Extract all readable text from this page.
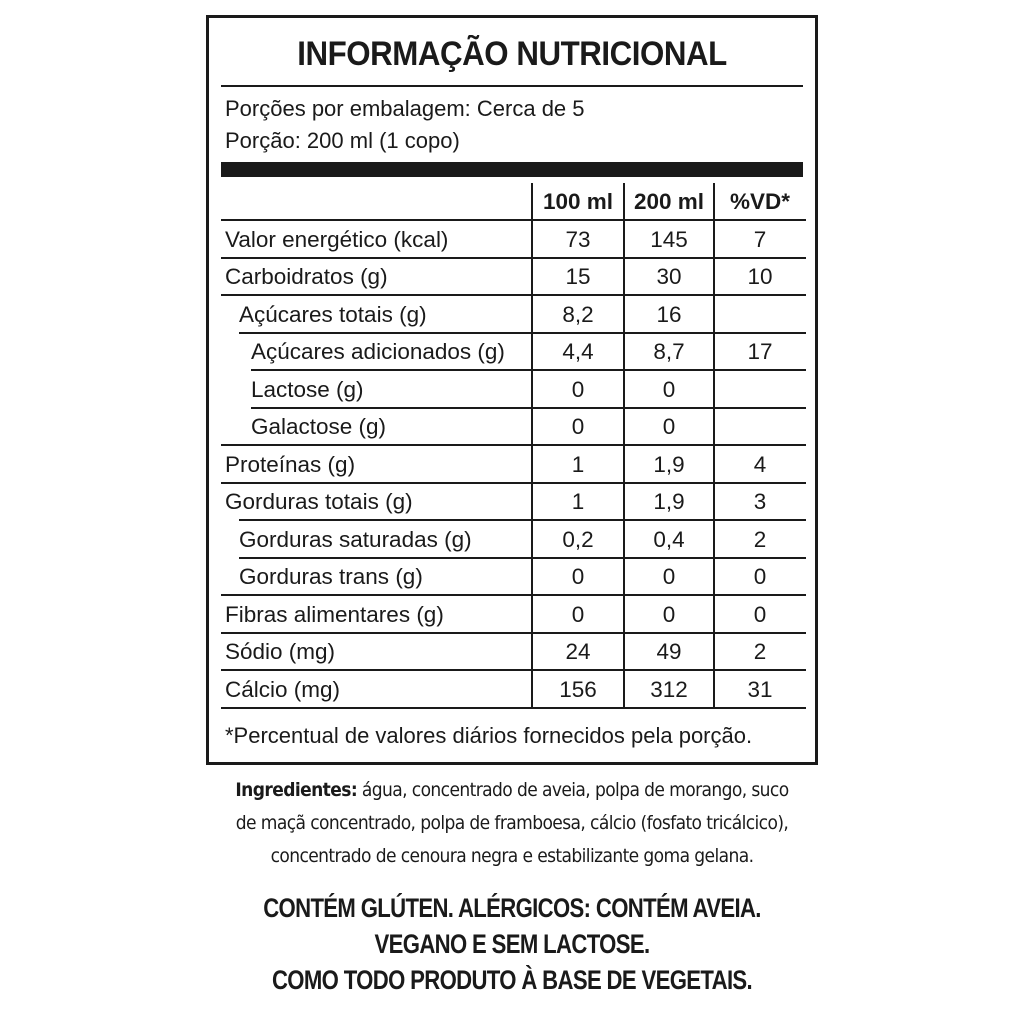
INFORMAÇÃO NUTRICIONAL
Porções por embalagem: Cerca de 5
Porção: 200 ml (1 copo)
100 ml 200 ml	%VD*
Valor energético (kcal)	73	145	7
Carboidratos (g)	15	30	10
Açúcares totais (g)	8,2	16
Açúcares adicionados (g)	4,4	8,7	17
Lactose (g)	0	0
Galactose (g)	0	0
Proteínas (g)	1	1,9	4
Gorduras totais (g)	1	1,9	3
Gorduras saturadas (g)	0,2	0,4	2
Gorduras trans (g)	0	0	0
Fibras alimentares (g)	0	0	0
Sódio (mg)	24	49	2
Cálcio (mg)	156	312	31
*Percentual de valores diários fornecidos pela porção.
Ingredientes: água, concentrado de aveia, polpa de morango, suco
de maçã concentrado, polpa de framboesa, cálcio (fosfato tricálcico),
concentrado de cenoura negra e estabilizante goma gelana.
CONTÉM GLÚTEN. ALÉRGICOS: CONTÉM AVEIA.
VEGANO E SEM LACTOSE.
COMO TODO PRODUTO À BASE DE VEGETAIS.
